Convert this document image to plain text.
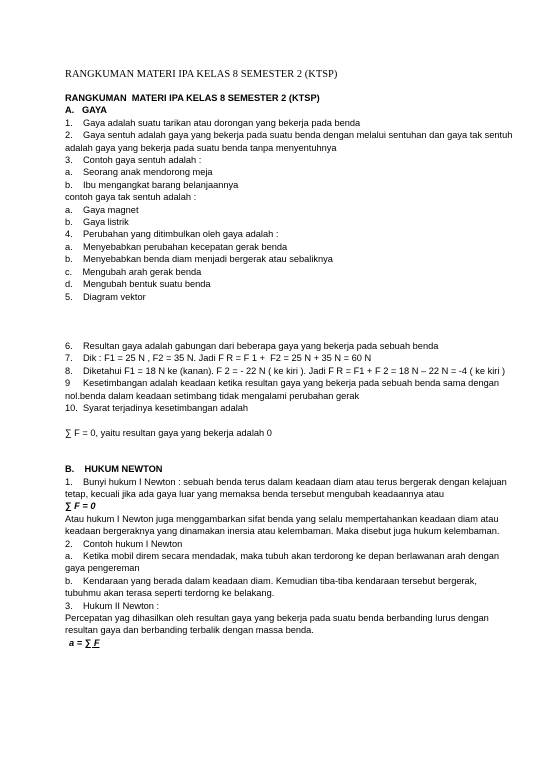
RANGKUMAN MATERI IPA KELAS 8 SEMESTER 2 (KTSP)

RANGKUMAN  MATERI IPA KELAS 8 SEMESTER 2 (KTSP)

A.   GAYA

1.    Gaya adalah suatu tarikan atau dorongan yang bekerja pada benda

2.    Gaya sentuh adalah gaya yang bekerja pada suatu benda dengan melalui sentuhan dan gaya tak sentuh adalah gaya yang bekerja pada suatu benda tanpa menyentuhnya

3.    Contoh gaya sentuh adalah :

a.    Seorang anak mendorong meja

b.    Ibu mengangkat barang belanjaannya

contoh gaya tak sentuh adalah :

a.    Gaya magnet

b.    Gaya listrik

4.    Perubahan yang ditimbulkan oleh gaya adalah :

a.    Menyebabkan perubahan kecepatan gerak benda

b.    Menyebabkan benda diam menjadi bergerak atau sebaliknya

c.    Mengubah arah gerak benda

d.    Mengubah bentuk suatu benda

5.    Diagram vektor

6.    Resultan gaya adalah gabungan dari beberapa gaya yang bekerja pada sebuah benda

7.    Dik : F1 = 25 N , F2 = 35 N. Jadi F R = F 1 +  F2 = 25 N + 35 N = 60 N

8.    Diketahui F1 = 18 N ke (kanan). F 2 = - 22 N ( ke kiri ). Jadi F R = F1 + F 2 = 18 N – 22 N = -4 ( ke kiri )

9     Kesetimbangan adalah keadaan ketika resultan gaya yang bekerja pada sebuah benda sama dengan nol.benda dalam keadaan setimbang tidak mengalami perubahan gerak

10.  Syarat terjadinya kesetimbangan adalah

∑ F = 0, yaitu resultan gaya yang bekerja adalah 0

B.    HUKUM NEWTON

1.    Bunyi hukum I Newton : sebuah benda terus dalam keadaan diam atau terus bergerak dengan kelajuan tetap, kecuali jika ada gaya luar yang memaksa benda tersebut mengubah keadaannya atau

∑ F = 0

Atau hukum I Newton juga menggambarkan sifat benda yang selalu mempertahankan keadaan diam atau keadaan bergeraknya yang dinamakan inersia atau kelembaman. Maka disebut juga hukum kelembaman.

2.    Contoh hukum I Newton

a.    Ketika mobil direm secara mendadak, maka tubuh akan terdorong ke depan berlawanan arah dengan gaya pengereman

b.    Kendaraan yang berada dalam keadaan diam. Kemudian tiba-tiba kendaraan tersebut bergerak, tubuhmu akan terasa seperti terdorng ke belakang.

3.    Hukum II Newton :

Percepatan yag dihasilkan oleh resultan gaya yang bekerja pada suatu benda berbanding lurus dengan resultan gaya dan berbanding terbalik dengan massa benda.

a = ∑ F
